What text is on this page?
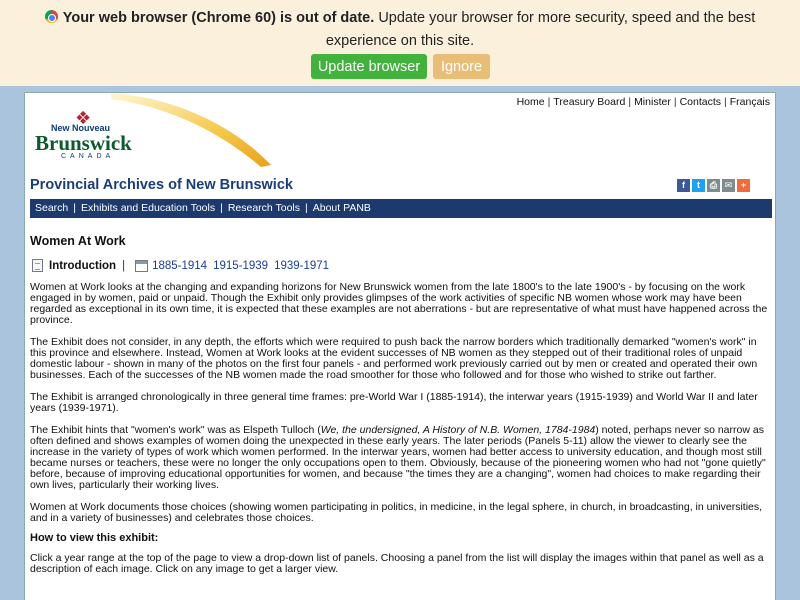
Your web browser (Chrome 60) is out of date. Update your browser for more security, speed and the best experience on this site.
Update browser	Ignore
❖
New Nouveau
Brunswick
CANADA
Home | Treasury Board | Minister | Contacts | Français
Provincial Archives of New Brunswick	f	t	⎙ ✉ +
Search | Exhibits and Education Tools | Research Tools | About PANB
Women At Work
Introduction | 1885-1914 1915-1939 1939-1971

Women at Work looks at the changing and expanding horizons for New Brunswick women from the late 1800's to the late 1900's - by focusing on the work engaged in by women, paid or unpaid. Though the Exhibit only provides glimpses of the work activities of specific NB women whose work may have been regarded as exceptional in its own time, it is expected that these examples are not aberrations - but are representative of what must have happened across the province.

The Exhibit does not consider, in any depth, the efforts which were required to push back the narrow borders which traditionally demarked "women's work" in this province and elsewhere. Instead, Women at Work looks at the evident successes of NB women as they stepped out of their traditional roles of unpaid domestic labour - shown in many of the photos on the first four panels - and performed work previously carried out by men or created and operated their own businesses. Each of the successes of the NB women made the road smoother for those who followed and for those who wished to strike out farther.

The Exhibit is arranged chronologically in three general time frames: pre-World War I (1885-1914), the interwar years (1915-1939) and World War II and later years (1939-1971).

The Exhibit hints that "women's work" was as Elspeth Tulloch (We, the undersigned, A History of N.B. Women, 1784-1984) noted, perhaps never so narrow as often defined and shows examples of women doing the unexpected in these early years. The later periods (Panels 5-11) allow the viewer to clearly see the increase in the variety of types of work which women performed. In the interwar years, women had better access to university education, and though most still became nurses or teachers, these were no longer the only occupations open to them. Obviously, because of the pioneering women who had not "gone quietly" before, because of improving educational opportunities for women, and because "the times they are a changing", women had choices to make regarding their own lives, particularly their working lives.

Women at Work documents those choices (showing women participating in politics, in medicine, in the legal sphere, in church, in broadcasting, in universities, and in a variety of businesses) and celebrates those choices.

How to view this exhibit:

Click a year range at the top of the page to view a drop-down list of panels. Choosing a panel from the list will display the images within that panel as well as a description of each image. Click on any image to get a larger view.
